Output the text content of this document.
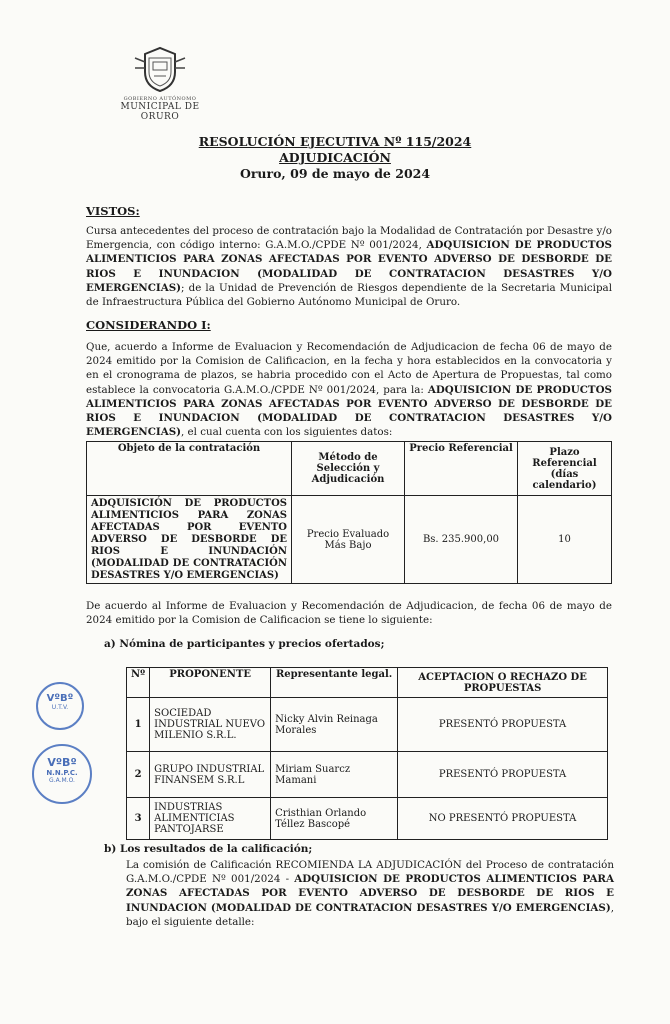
GOBIERNO AUTÓNOMO
MUNICIPAL DE ORURO
RESOLUCIÓN EJECUTIVA Nº 115/2024
ADJUDICACIÓN
Oruro, 09 de mayo de 2024
VISTOS:
Cursa antecedentes del proceso de contratación bajo la Modalidad de Contratación por Desastre y/o Emergencia, con código interno: G.A.M.O./CPDE Nº 001/2024, ADQUISICION DE PRODUCTOS ALIMENTICIOS PARA ZONAS AFECTADAS POR EVENTO ADVERSO DE DESBORDE DE RIOS E INUNDACION (MODALIDAD DE CONTRATACION DESASTRES Y/O EMERGENCIAS); de la Unidad de Prevención de Riesgos dependiente de la Secretaria Municipal de Infraestructura Pública del Gobierno Autónomo Municipal de Oruro.
CONSIDERANDO I:
Que, acuerdo a Informe de Evaluacion y Recomendación de Adjudicacion de fecha 06 de mayo de 2024 emitido por la Comision de Calificacion, en la fecha y hora establecidos en la convocatoria y en el cronograma de plazos, se habria procedido con el Acto de Apertura de Propuestas, tal como establece la convocatoria G.A.M.O./CPDE Nº 001/2024, para la: ADQUISICION DE PRODUCTOS ALIMENTICIOS PARA ZONAS AFECTADAS POR EVENTO ADVERSO DE DESBORDE DE RIOS E INUNDACION (MODALIDAD DE CONTRATACION DESASTRES Y/O EMERGENCIAS), el cual cuenta con los siguientes datos:
Objeto de la contratación	Método de Selección y Adjudicación	Precio Referencial	Plazo Referencial (días calendario)
ADQUISICIÓN DE PRODUCTOS ALIMENTICIOS PARA ZONAS AFECTADAS POR EVENTO ADVERSO DE DESBORDE DE RIOS E INUNDACIÓN (MODALIDAD DE CONTRATACIÓN DESASTRES Y/O EMERGENCIAS)	Precio Evaluado Más Bajo	Bs. 235.900,00	10
De acuerdo al Informe de Evaluacion y Recomendación de Adjudicacion, de fecha 06 de mayo de 2024 emitido por la Comision de Calificacion se tiene lo siguiente:
a) Nómina de participantes y precios ofertados;
Nº	PROPONENTE	Representante legal.	ACEPTACION O RECHAZO DE PROPUESTAS
1	SOCIEDAD INDUSTRIAL NUEVO MILENIO S.R.L.	Nicky Alvin Reinaga Morales	PRESENTÓ PROPUESTA
2	GRUPO INDUSTRIAL FINANSEM S.R.L	Miriam Suarcz Mamani	PRESENTÓ PROPUESTA
3	INDUSTRIAS ALIMENTICIAS PANTOJARSE	Cristhian Orlando Téllez Bascopé	NO PRESENTÓ PROPUESTA
b) Los resultados de la calificación;
La comisión de Calificación RECOMIENDA LA ADJUDICACIÓN del Proceso de contratación G.A.M.O./CPDE Nº 001/2024 - ADQUISICION DE PRODUCTOS ALIMENTICIOS PARA ZONAS AFECTADAS POR EVENTO ADVERSO DE DESBORDE DE RIOS E INUNDACION (MODALIDAD DE CONTRATACION DESASTRES Y/O EMERGENCIAS), bajo el siguiente detalle:
VºBº
U.T.V.
VºBº
N.N.P.C.
G.A.M.O.
